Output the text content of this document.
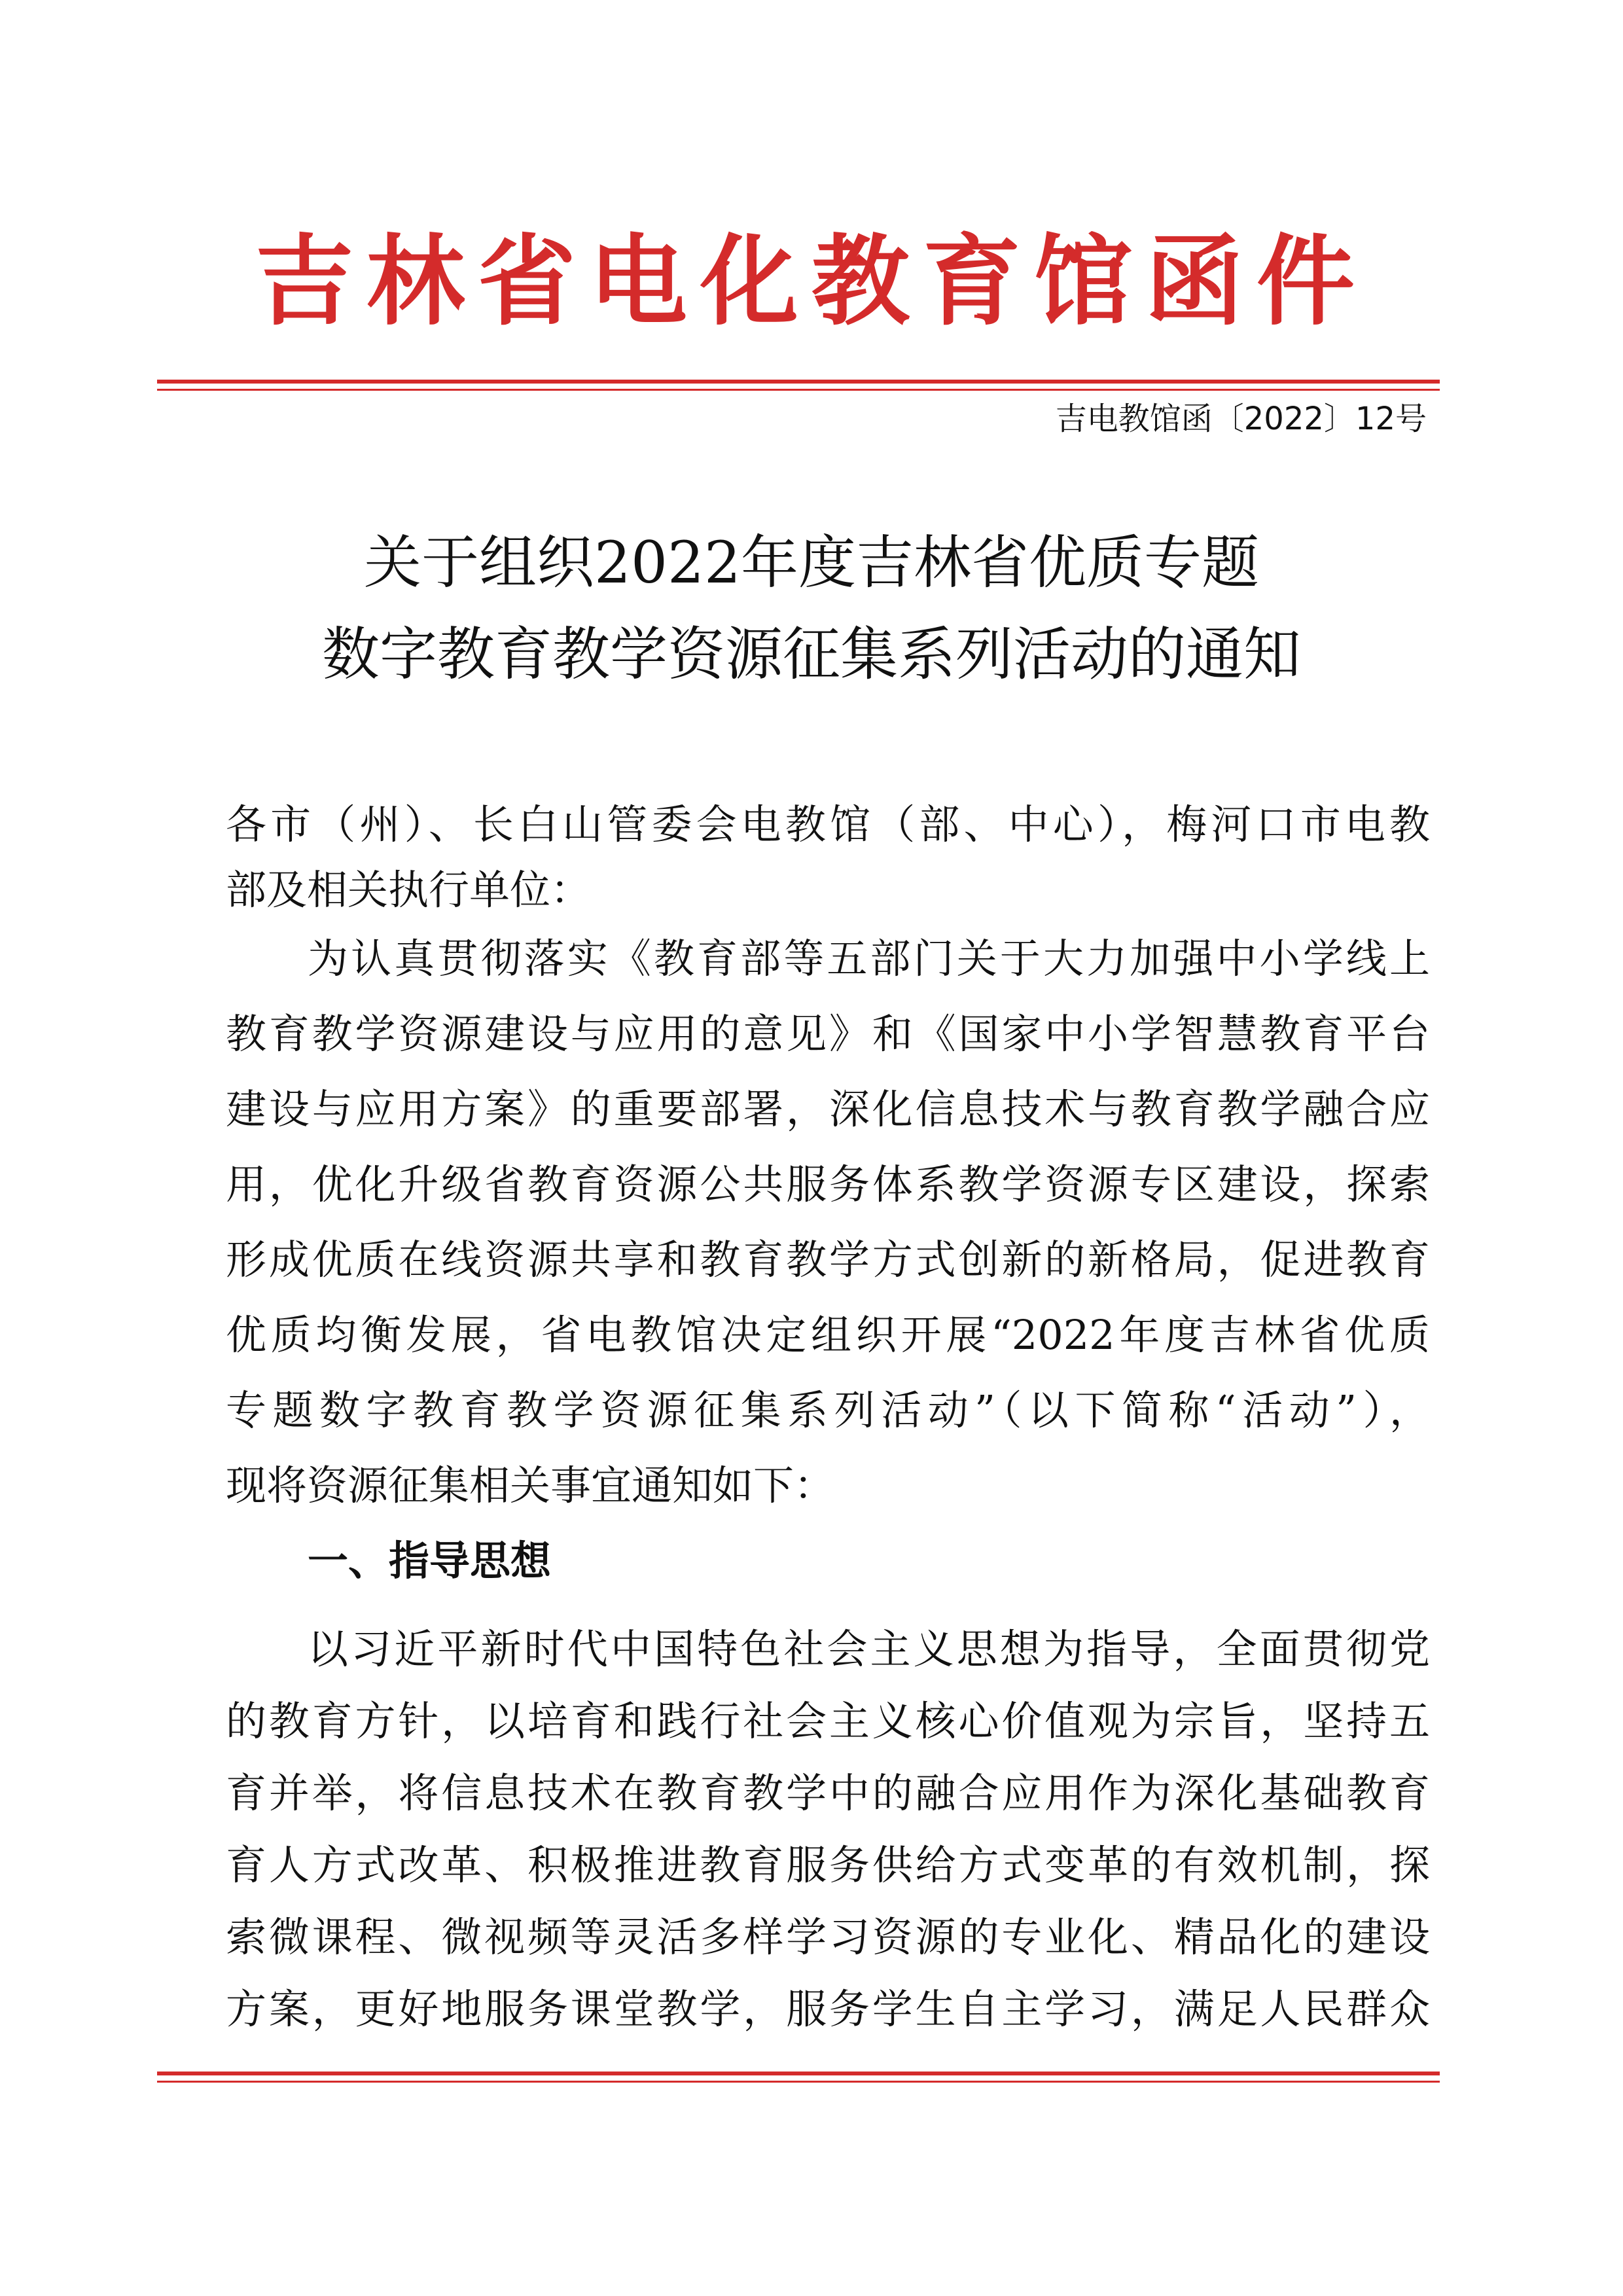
吉林省电化教育馆函件
吉电教馆函〔2022〕12号
关于组织2022年度吉林省优质专题
数字教育教学资源征集系列活动的通知
各市（州）、长白山管委会电教馆（部、中心），梅河口市电教
部及相关执行单位：
为认真贯彻落实《教育部等五部门关于大力加强中小学线上
教育教学资源建设与应用的意见》和《国家中小学智慧教育平台
建设与应用方案》的重要部署，深化信息技术与教育教学融合应
用，优化升级省教育资源公共服务体系教学资源专区建设，探索
形成优质在线资源共享和教育教学方式创新的新格局，促进教育
优质均衡发展，省电教馆决定组织开展“2022年度吉林省优质
专题数字教育教学资源征集系列活动”（以下简称“活动”），
现将资源征集相关事宜通知如下：
一、指导思想
以习近平新时代中国特色社会主义思想为指导，全面贯彻党
的教育方针，以培育和践行社会主义核心价值观为宗旨，坚持五
育并举，将信息技术在教育教学中的融合应用作为深化基础教育
育人方式改革、积极推进教育服务供给方式变革的有效机制，探
索微课程、微视频等灵活多样学习资源的专业化、精品化的建设
方案，更好地服务课堂教学，服务学生自主学习，满足人民群众
